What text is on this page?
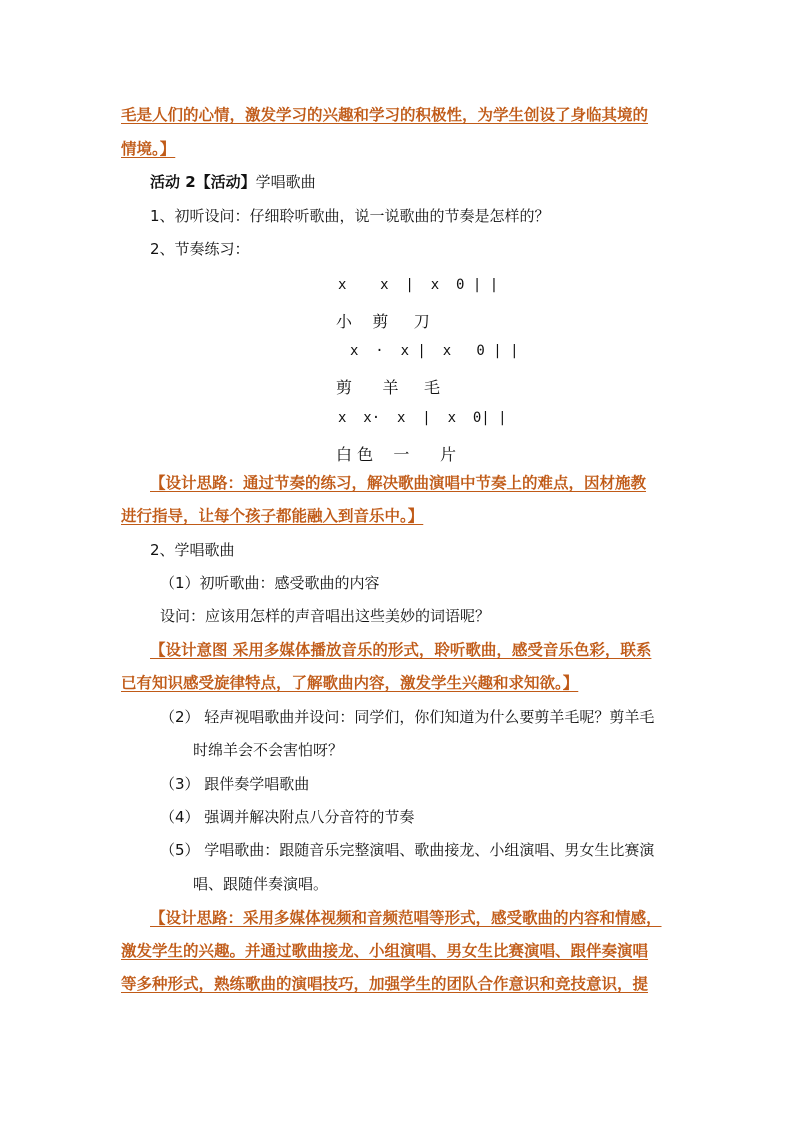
毛是人们的心情，激发学习的兴趣和学习的积极性，为学生创设了身临其境的
情境。】
活动 2【活动】学唱歌曲
1、初听设问：仔细聆听歌曲，说一说歌曲的节奏是怎样的？
2、节奏练习：
x    x  |  x  0 | |
小    剪     刀
x  ·  x |  x   0 | |
剪      羊     毛
x  x·  x  |  x  0| |
白 色    一      片
【设计思路：通过节奏的练习，解决歌曲演唱中节奏上的难点，因材施教
进行指导，让每个孩子都能融入到音乐中。】
2、学唱歌曲
（1）初听歌曲：感受歌曲的内容
设问：应该用怎样的声音唱出这些美妙的词语呢？
【设计意图 采用多媒体播放音乐的形式，聆听歌曲，感受音乐色彩，联系
已有知识感受旋律特点，了解歌曲内容，激发学生兴趣和求知欲。】
（2） 轻声视唱歌曲并设问：同学们，你们知道为什么要剪羊毛呢？剪羊毛
时绵羊会不会害怕呀？
（3） 跟伴奏学唱歌曲
（4） 强调并解决附点八分音符的节奏
（5） 学唱歌曲：跟随音乐完整演唱、歌曲接龙、小组演唱、男女生比赛演
唱、跟随伴奏演唱。
【设计思路：采用多媒体视频和音频范唱等形式，感受歌曲的内容和情感，
激发学生的兴趣。并通过歌曲接龙、小组演唱、男女生比赛演唱、跟伴奏演唱
等多种形式，熟练歌曲的演唱技巧，加强学生的团队合作意识和竞技意识，提
